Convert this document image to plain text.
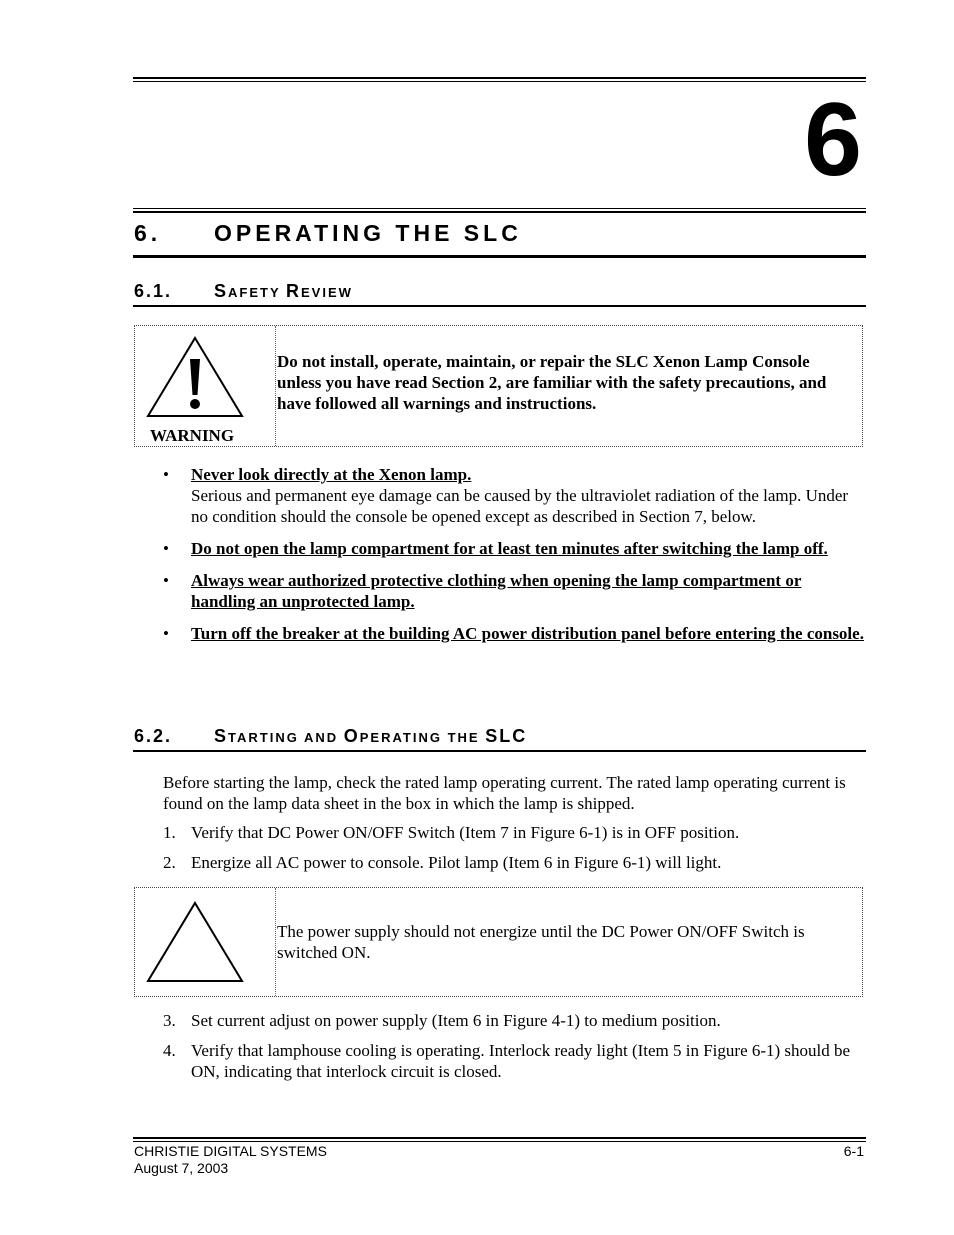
6
6. OPERATING THE SLC
6.1. SAFETY REVIEW
WARNING
Do not install, operate, maintain, or repair the SLC Xenon Lamp Console unless you have read Section 2, are familiar with the safety precautions, and have followed all warnings and instructions.
• Never look directly at the Xenon lamp.
Serious and permanent eye damage can be caused by the ultraviolet radiation of the lamp. Under no condition should the console be opened except as described in Section 7, below.
• Do not open the lamp compartment for at least ten minutes after switching the lamp off.
• Always wear authorized protective clothing when opening the lamp compartment or handling an unprotected lamp.
• Turn off the breaker at the building AC power distribution panel before entering the console.
6.2. STARTING AND OPERATING THE SLC
Before starting the lamp, check the rated lamp operating current. The rated lamp operating current is found on the lamp data sheet in the box in which the lamp is shipped.
1. Verify that DC Power ON/OFF Switch (Item 7 in Figure 6-1) is in OFF position.
2. Energize all AC power to console. Pilot lamp (Item 6 in Figure 6-1) will light.
The power supply should not energize until the DC Power ON/OFF Switch is switched ON.
3. Set current adjust on power supply (Item 6 in Figure 4-1) to medium position.
4. Verify that lamphouse cooling is operating. Interlock ready light (Item 5 in Figure 6-1) should be ON, indicating that interlock circuit is closed.
CHRISTIE DIGITAL SYSTEMS
August 7, 2003
6-1
